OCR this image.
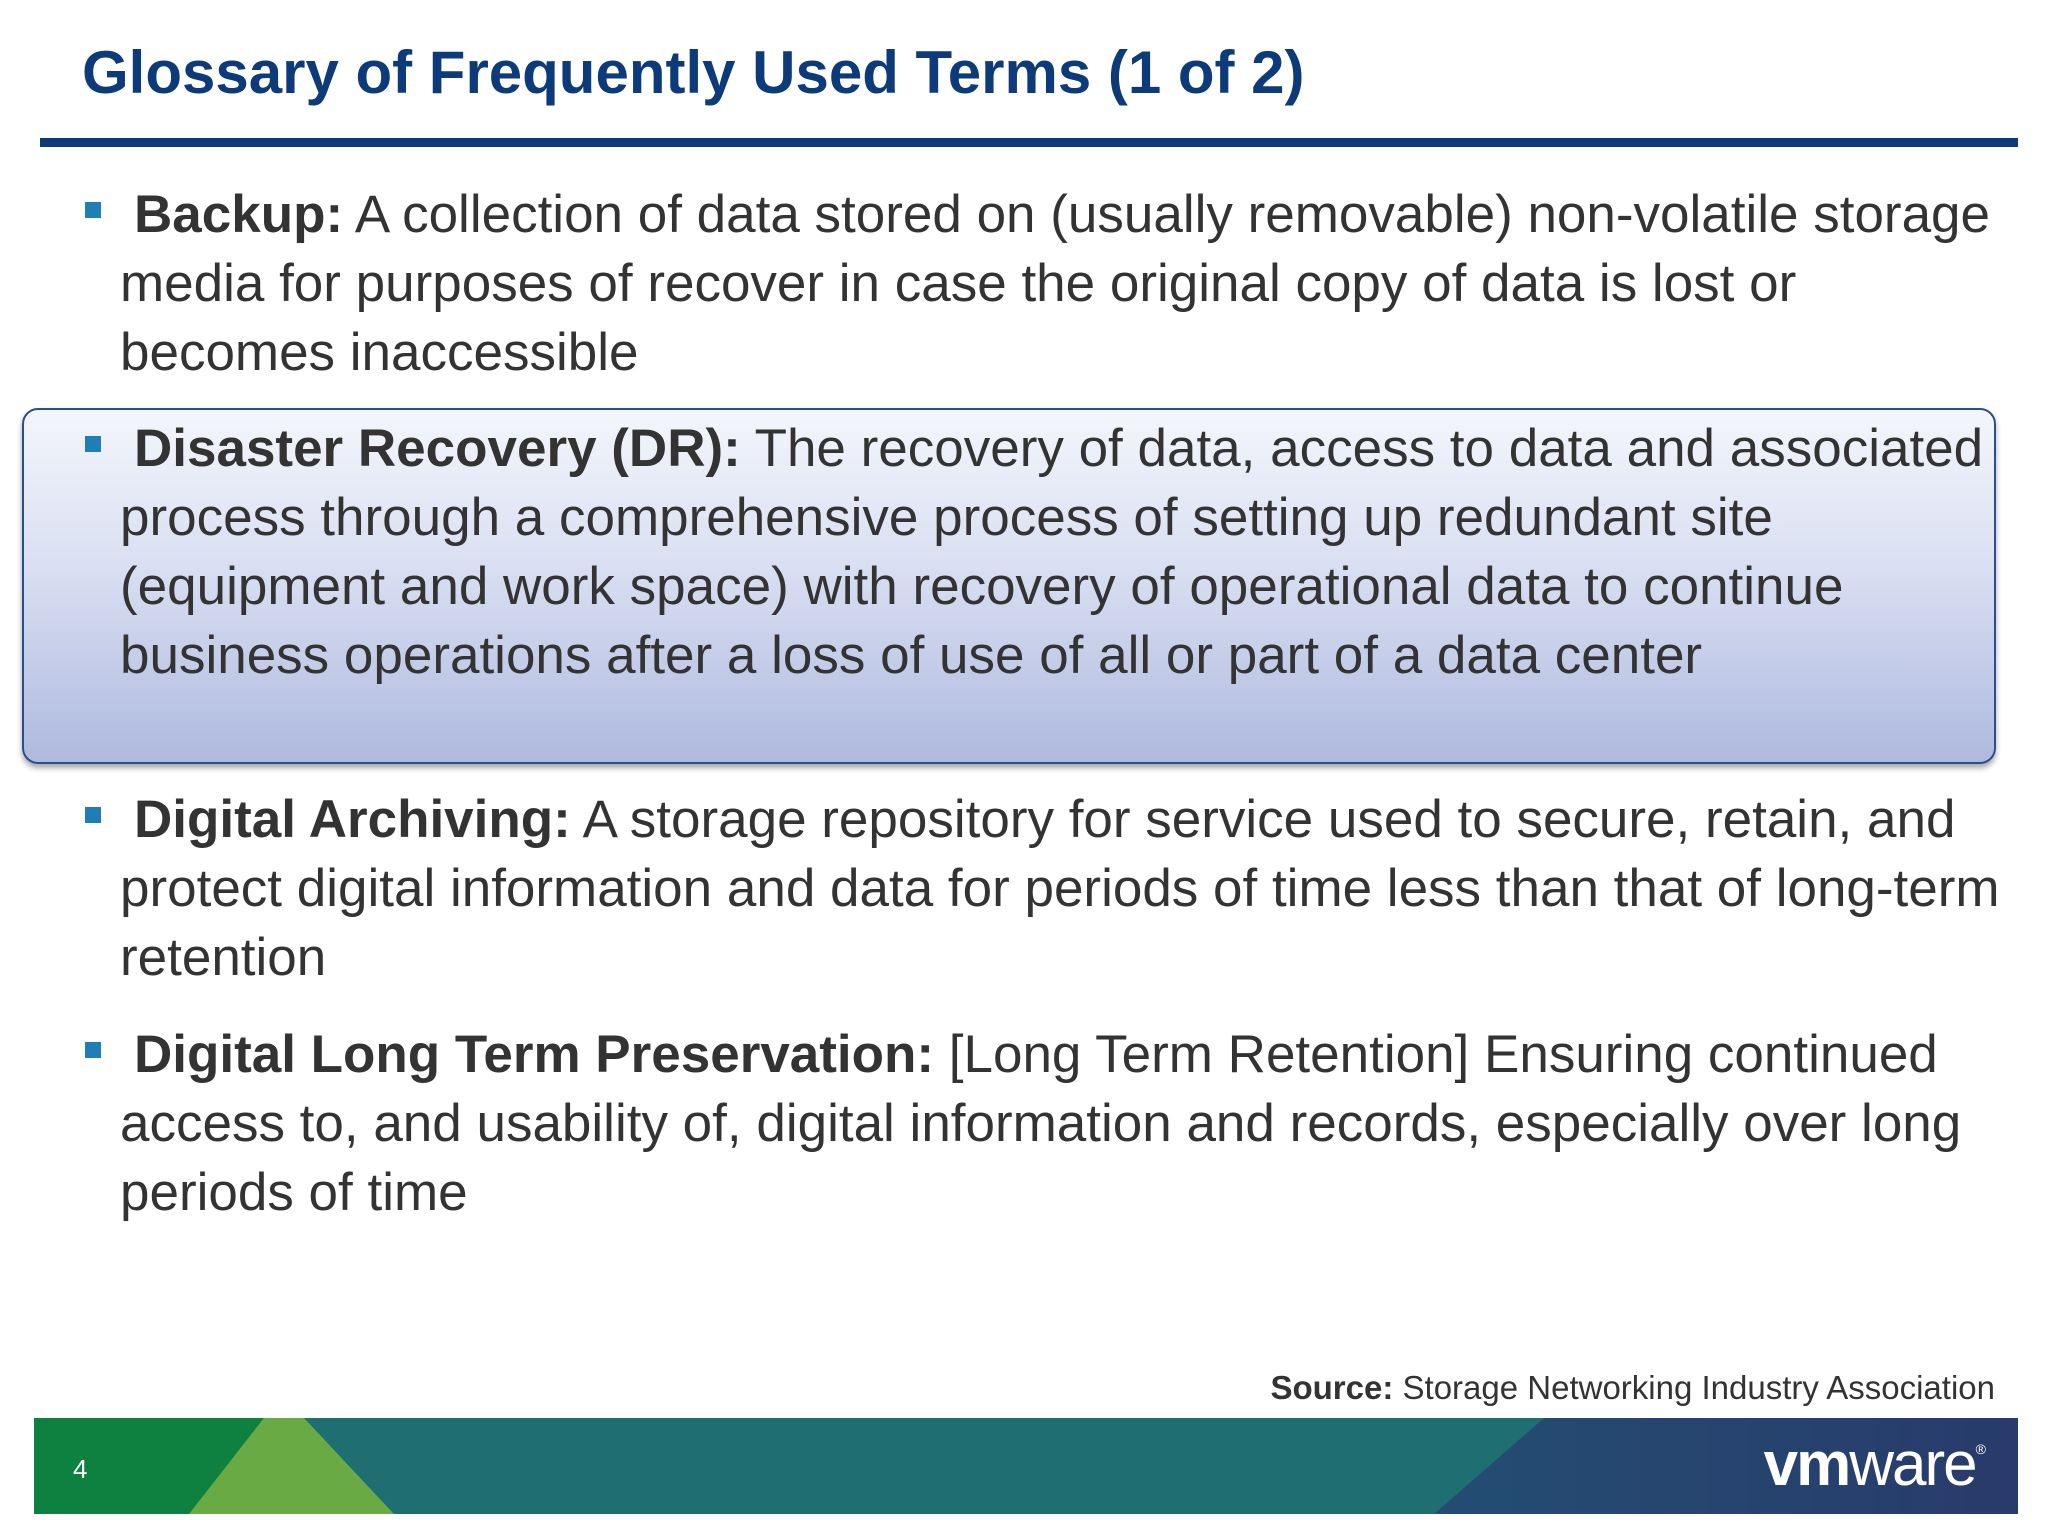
Glossary of Frequently Used Terms (1 of 2)

Backup: A collection of data stored on (usually removable) non-volatile storage media for purposes of recover in case the original copy of data is lost or becomes inaccessible

Disaster Recovery (DR): The recovery of data, access to data and associated process through a comprehensive process of setting up redundant site (equipment and work space) with recovery of operational data to continue business operations after a loss of use of all or part of a data center

Digital Archiving: A storage repository for service used to secure, retain, and protect digital information and data for periods of time less than that of long-term retention

Digital Long Term Preservation: [Long Term Retention] Ensuring continued access to, and usability of, digital information and records, especially over long periods of time

Source: Storage Networking Industry Association
4	vmware®
